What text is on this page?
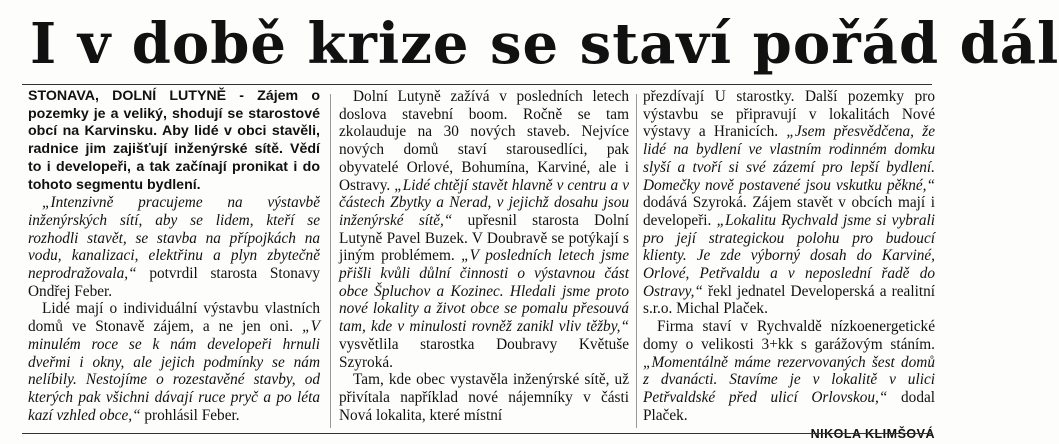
I v době krize se staví pořád dál

STONAVA, DOLNÍ LUTYNĚ - Zájem o pozemky je a veliký, shodují se starostové obcí na Karvinsku. Aby lidé v obci stavěli, radnice jim zajišťují inženýrské sítě. Vědí to i developeři, a tak začínají pronikat i do tohoto segmentu bydlení.

„Intenzivně pracujeme na výstavbě inženýrských sítí, aby se lidem, kteří se rozhodli stavět, se stavba na přípojkách na vodu, kanalizaci, elektřinu a plyn zbytečně neprodražovala,“ potvrdil starosta Stonavy Ondřej Feber.

Lidé mají o individuální výstavbu vlastních domů ve Stonavě zájem, a ne jen oni. „V minulém roce se k nám developeři hrnuli dveřmi i okny, ale jejich podmínky se nám nelíbily. Nestojíme o rozestavěné stavby, od kterých pak všichni dávají ruce pryč a po léta kazí vzhled obce,“ prohlásil Feber.

Dolní Lutyně zažívá v posledních letech doslova stavební boom. Ročně se tam zkolauduje na 30 nových staveb. Nejvíce nových domů staví starousedlíci, pak obyvatelé Orlové, Bohumína, Karviné, ale i Ostravy. „Lidé chtějí stavět hlavně v centru a v částech Zbytky a Nerad, v jejichž dosahu jsou inženýrské sítě,“ upřesnil starosta Dolní Lutyně Pavel Buzek. V Doubravě se potýkají s jiným problémem. „V posledních letech jsme přišli kvůli důlní činnosti o výstavnou část obce Špluchov a Kozinec. Hledali jsme proto nové lokality a život obce se pomalu přesouvá tam, kde v minulosti rovněž zanikl vliv těžby,“ vysvětlila starostka Doubravy Květuše Szyroká.

Tam, kde obec vystavěla inženýrské sítě, už přivítala například nové nájemníky v části Nová lokalita, které místní

přezdívají U starostky. Další pozemky pro výstavbu se připravují v lokalitách Nové výstavy a Hranicích. „Jsem přesvědčena, že lidé na bydlení ve vlastním rodinném domku slyší a tvoří si své zázemí pro lepší bydlení. Domečky nově postavené jsou vskutku pěkné,“ dodává Szyroká. Zájem stavět v obcích mají i developeři. „Lokalitu Rychvald jsme si vybrali pro její strategickou polohu pro budoucí klienty. Je zde výborný dosah do Karviné, Orlové, Petřvaldu a v neposlední řadě do Ostravy,“ řekl jednatel Developerská a realitní s.r.o. Michal Plaček.

Firma staví v Rychvaldě nízkoenergetické domy o velikosti 3+kk s garážovým stáním. „Momentálně máme rezervovaných šest domů z dvanácti. Stavíme je v lokalitě v ulici Petřvaldské před ulicí Orlovskou,“ dodal Plaček.

NIKOLA KLIMŠOVÁ
